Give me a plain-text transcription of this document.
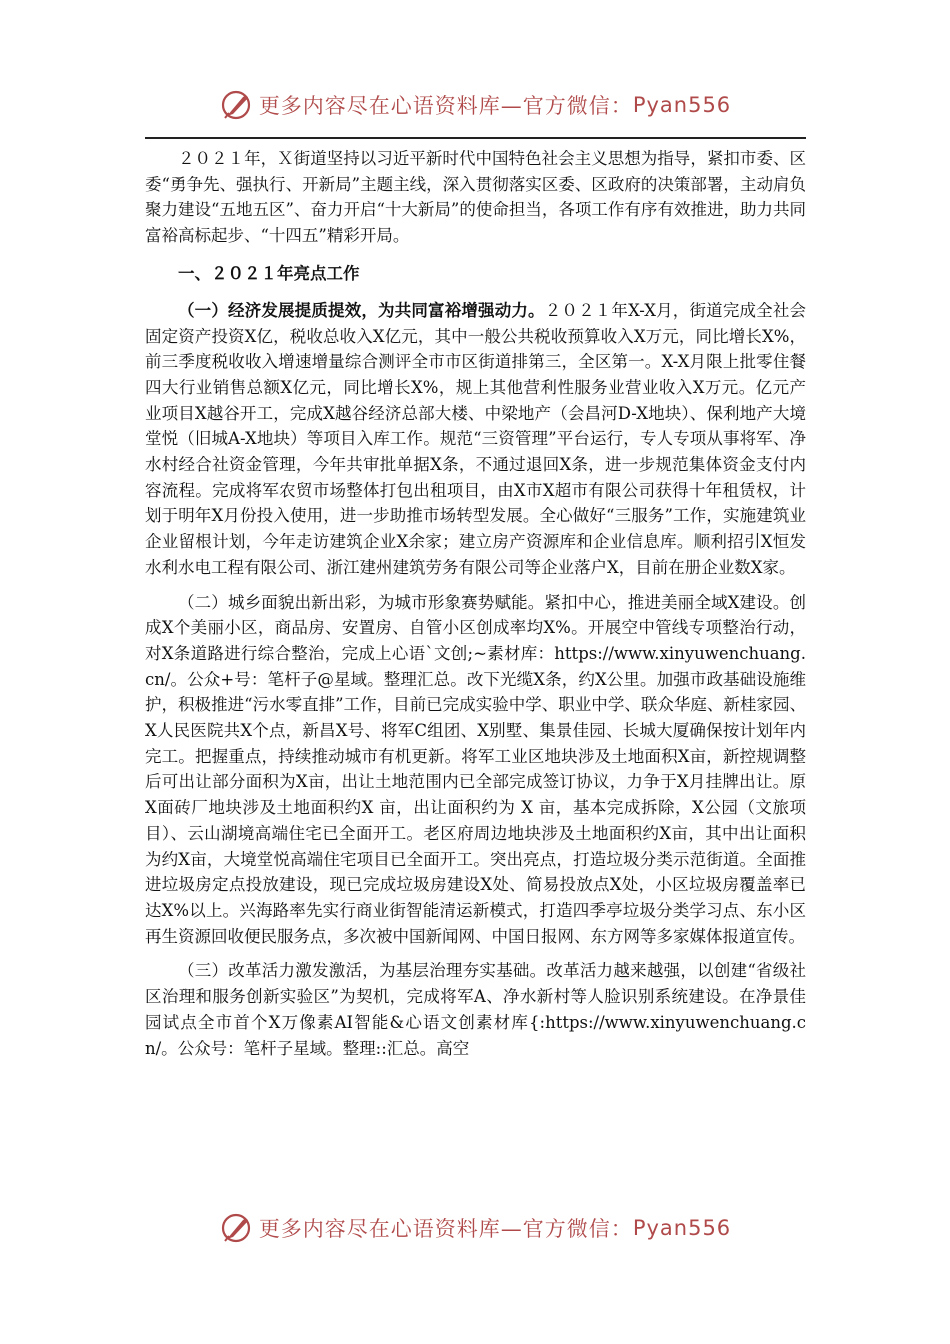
更多内容尽在心语资料库—官方微信： Pyan556

２０２１年，Ｘ街道坚持以习近平新时代中国特色社会主义思想为指导，紧扣市委、区委“勇争先、强执行、开新局”主题主线，深入贯彻落实区委、区政府的决策部署，主动肩负聚力建设“五地五区”、奋力开启“十大新局”的使命担当，各项工作有序有效推进，助力共同富裕高标起步、“十四五”精彩开局。

一、２０２１年亮点工作

（一）经济发展提质提效，为共同富裕增强动力。２０２１年X-X月，街道完成全社会固定资产投资X亿，税收总收入X亿元，其中一般公共税收预算收入X万元，同比增长X%，前三季度税收收入增速增量综合测评全市市区街道排第三，全区第一。X-X月限上批零住餐四大行业销售总额X亿元，同比增长X%，规上其他营利性服务业营业收入X万元。亿元产业项目X越谷开工，完成X越谷经济总部大楼、中梁地产（会昌河D-X地块）、保利地产大境堂悦（旧城A-X地块）等项目入库工作。规范“三资管理”平台运行，专人专项从事将军、净水村经合社资金管理，今年共审批单据X条，不通过退回X条，进一步规范集体资金支付内容流程。完成将军农贸市场整体打包出租项目，由X市X超市有限公司获得十年租赁权，计划于明年X月份投入使用，进一步助推市场转型发展。全心做好“三服务”工作，实施建筑业企业留根计划，今年走访建筑企业X余家；建立房产资源库和企业信息库。顺利招引X恒发水利水电工程有限公司、浙江建州建筑劳务有限公司等企业落户X，目前在册企业数X家。

（二）城乡面貌出新出彩，为城市形象赛势赋能。紧扣中心，推进美丽全域X建设。创成X个美丽小区，商品房、安置房、自管小区创成率均X%。开展空中管线专项整治行动，对X条道路进行综合整治，完成上心语`文创;~素材库：https://www.xinyuwenchuang.cn/。公众+号：笔杆子@星域。整理汇总。改下光缆X条，约X公里。加强市政基础设施维护，积极推进“污水零直排”工作，目前已完成实验中学、职业中学、联众华庭、新桂家园、X人民医院共X个点，新昌X号、将军C组团、X别墅、集景佳园、长城大厦确保按计划年内完工。把握重点，持续推动城市有机更新。将军工业区地块涉及土地面积X亩，新控规调整后可出让部分面积为X亩，出让土地范围内已全部完成签订协议，力争于X月挂牌出让。原X面砖厂地块涉及土地面积约X 亩，出让面积约为 X 亩，基本完成拆除，X公园（文旅项目）、云山湖境高端住宅已全面开工。老区府周边地块涉及土地面积约X亩，其中出让面积为约X亩，大境堂悦高端住宅项目已全面开工。突出亮点，打造垃圾分类示范街道。全面推进垃圾房定点投放建设，现已完成垃圾房建设X处、简易投放点X处，小区垃圾房覆盖率已达X%以上。兴海路率先实行商业街智能清运新模式，打造四季亭垃圾分类学习点、东小区再生资源回收便民服务点，多次被中国新闻网、中国日报网、东方网等多家媒体报道宣传。

（三）改革活力激发激活，为基层治理夯实基础。改革活力越来越强，以创建“省级社区治理和服务创新实验区”为契机，完成将军A、净水新村等人脸识别系统建设。在净景佳园试点全市首个X万像素AI智能&心语文创素材库{:https://www.xinyuwenchuang.cn/。公众号：笔杆子星域。整理::汇总。高空

更多内容尽在心语资料库—官方微信： Pyan556
